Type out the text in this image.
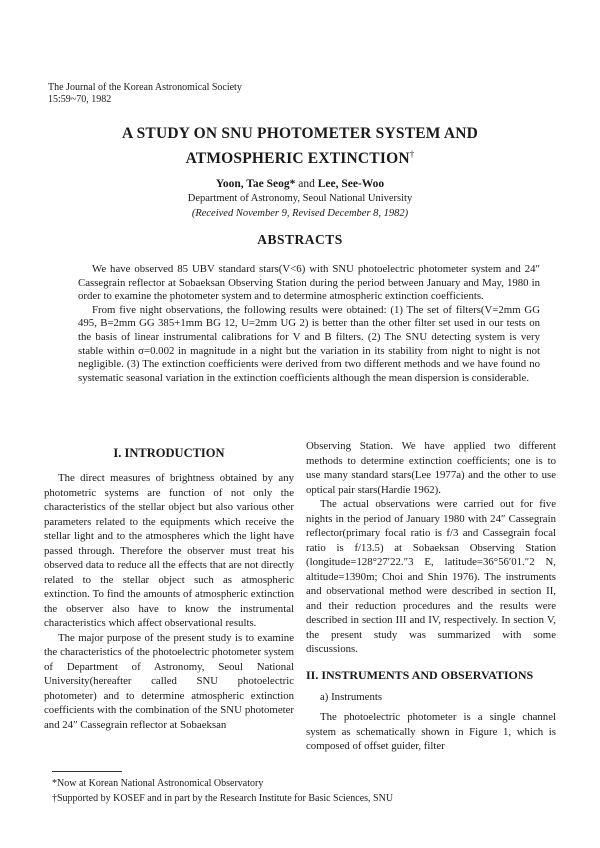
The Journal of the Korean Astronomical Society
15:59~70, 1982
A STUDY ON SNU PHOTOMETER SYSTEM AND
ATMOSPHERIC EXTINCTION†
Yoon, Tae Seog* and Lee, See-Woo
Department of Astronomy, Seoul National University
(Received November 9, Revised December 8, 1982)
ABSTRACTS

We have observed 85 UBV standard stars(V<6) with SNU photoelectric photometer system and 24″ Cassegrain reflector at Sobaeksan Observing Station during the period between January and May, 1980 in order to examine the photometer system and to determine atmospheric extinction coefficients.

From five night observations, the following results were obtained: (1) The set of filters(V=2mm GG 495, B=2mm GG 385+1mm BG 12, U=2mm UG 2) is better than the other filter set used in our tests on the basis of linear instrumental calibrations for V and B filters. (2) The SNU detecting system is very stable within σ=0.002 in magnitude in a night but the variation in its stability from night to night is not negligible. (3) The extinction coefficients were derived from two different methods and we have found no systematic seasonal variation in the extinction coefficients although the mean dispersion is considerable.

I. INTRODUCTION

The direct measures of brightness obtained by any photometric systems are function of not only the characteristics of the stellar object but also various other parameters related to the equipments which receive the stellar light and to the atmospheres which the light have passed through. Therefore the observer must treat his observed data to reduce all the effects that are not directly related to the stellar object such as atmospheric extinction. To find the amounts of atmospheric extinction the observer also have to know the instrumental characteristics which affect observational results.

The major purpose of the present study is to examine the characteristics of the photoelectric photometer system of Department of Astronomy, Seoul National University(hereafter called SNU photoelectric photometer) and to determine atmospheric extinction coefficients with the combination of the SNU photometer and 24″ Cassegrain reflector at Sobaeksan

Observing Station. We have applied two different methods to determine extinction coefficients; one is to use many standard stars(Lee 1977a) and the other to use optical pair stars(Hardie 1962).

The actual observations were carried out for five nights in the period of January 1980 with 24″ Cassegrain reflector(primary focal ratio is f/3 and Cassegrain focal ratio is f/13.5) at Sobaeksan Observing Station (longitude=128°27′22.″3 E, latitude=36°56′01.″2 N, altitude=1390m; Choi and Shin 1976). The instruments and observational method were described in section II, and their reduction procedures and the results were described in section III and IV, respectively. In section V, the present study was summarized with some discussions.

II. INSTRUMENTS AND OBSERVATIONS
a) Instruments

The photoelectric photometer is a single channel system as schematically shown in Figure 1, which is composed of offset guider, filter

*Now at Korean National Astronomical Observatory
†Supported by KOSEF and in part by the Research Institute for Basic Sciences, SNU
